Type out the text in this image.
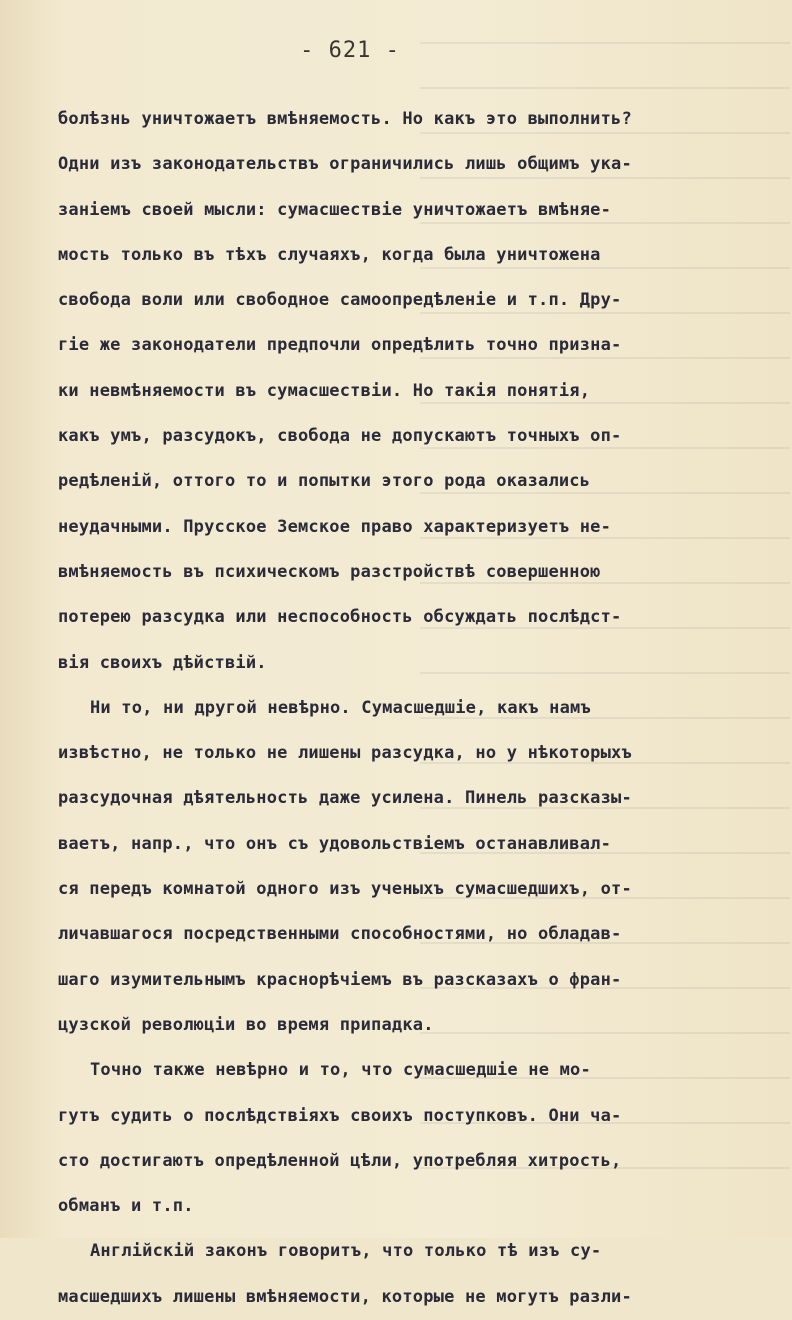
- 621 -
болѣзнь уничтожаетъ вмѣняемость. Но какъ это выполнить?
Одни изъ законодательствъ ограничились лишь общимъ ука-
заніемъ своей мысли: сумасшествіе уничтожаетъ вмѣняе-
мость только въ тѣхъ случаяхъ, когда была уничтожена
свобода воли или свободное самоопредѣленіе и т.п. Дру-
гіе же законодатели предпочли опредѣлить точно призна-
ки невмѣняемости въ сумасшествіи. Но такія понятія,
какъ умъ, разсудокъ, свобода не допускаютъ точныхъ оп-
редѣленій, оттого то и попытки этого рода оказались
неудачными. Прусское Земское право характеризуетъ не-
вмѣняемость въ психическомъ разстройствѣ совершенною
потерею разсудка или неспособность обсуждать послѣдст-
вія своихъ дѣйствій.
Ни то, ни другой невѣрно. Сумасшедшіе, какъ намъ
извѣстно, не только не лишены разсудка, но у нѣкоторыхъ
разсудочная дѣятельность даже усилена. Пинель разсказы-
ваетъ, напр., что онъ съ удовольствіемъ останавливал-
ся передъ комнатой одного изъ ученыхъ сумасшедшихъ, от-
личавшагося посредственными способностями, но обладав-
шаго изумительнымъ краснорѣчіемъ въ разсказахъ о фран-
цузской революціи во время припадка.
Точно также невѣрно и то, что сумасшедшіе не мо-
гутъ судить о послѣдствіяхъ своихъ поступковъ. Они ча-
сто достигаютъ опредѣленной цѣли, употребляя хитрость,
обманъ и т.п.
Англійскій законъ говоритъ, что только тѣ изъ су-
масшедшихъ лишены вмѣняемости, которые не могутъ разли-
